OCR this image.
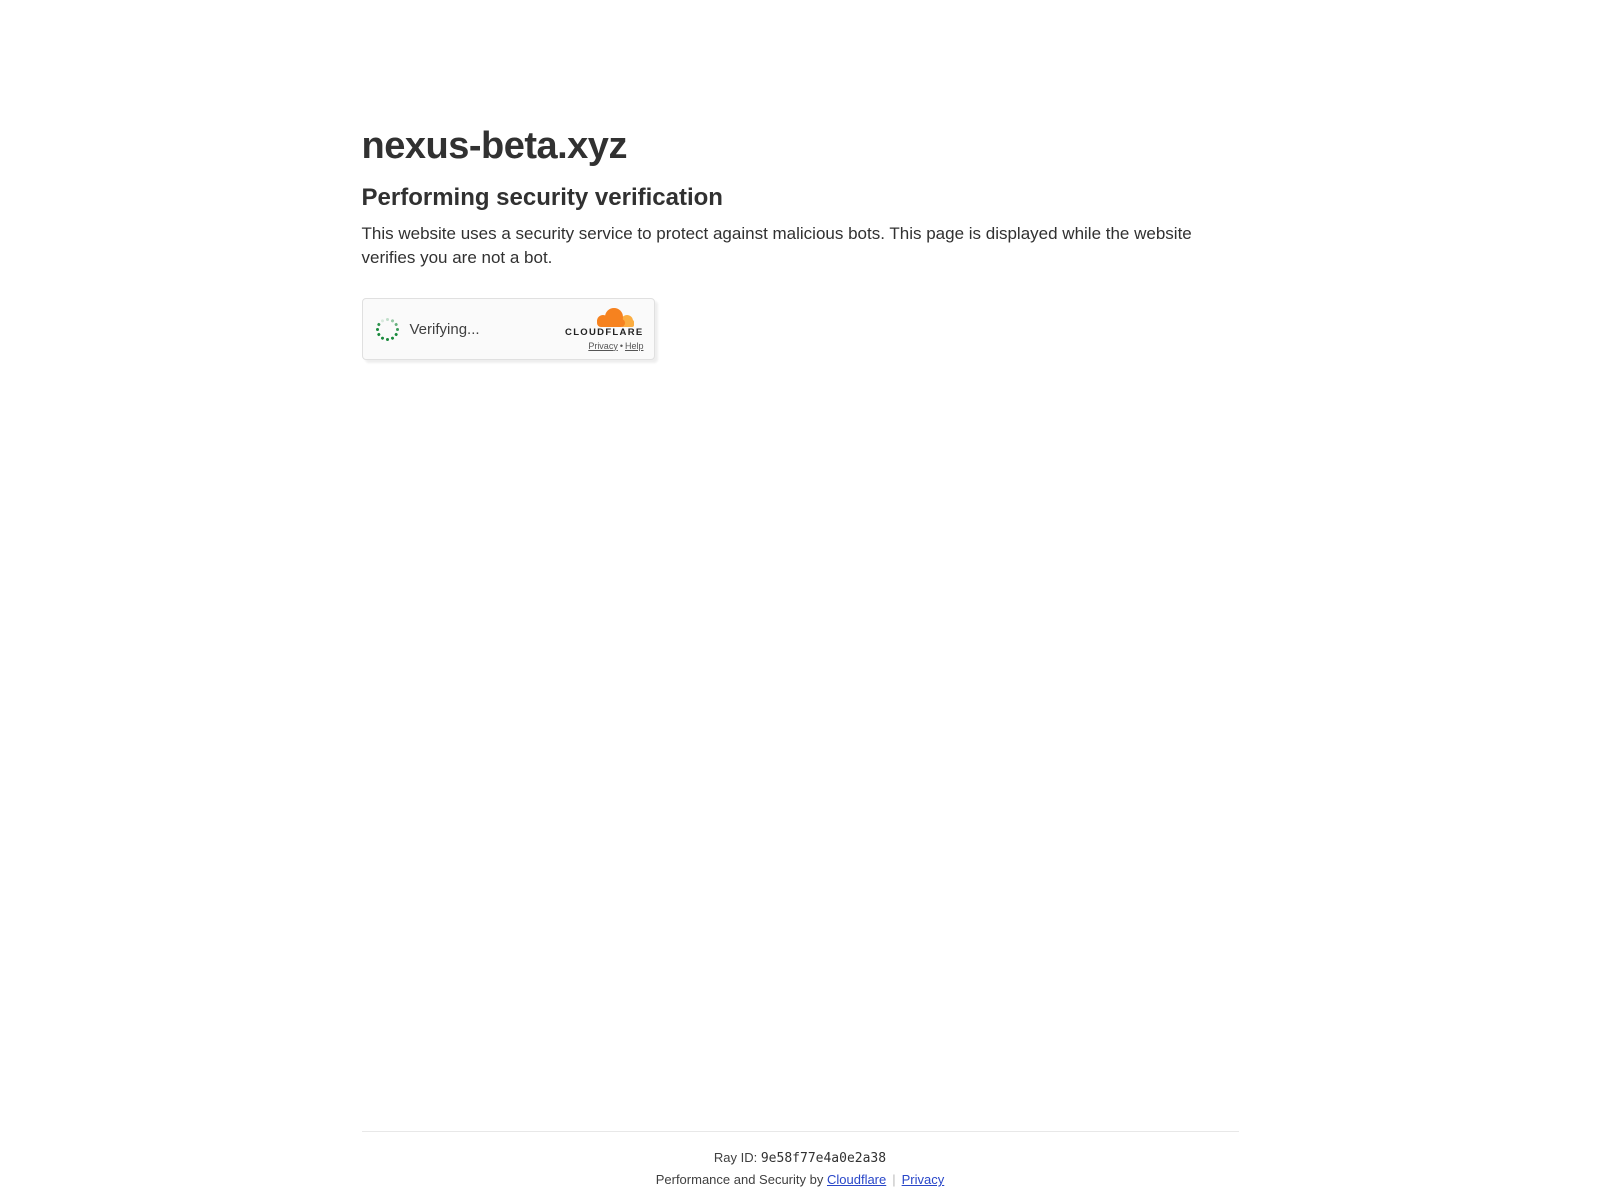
nexus-beta.xyz
Performing security verification

This website uses a security service to protect against malicious bots. This page is displayed while the website verifies you are not a bot.

Verifying...	CLOUDFLARE
Privacy • Help
Ray ID: 9e58f77e4a0e2a38
Performance and Security by Cloudflare | Privacy
